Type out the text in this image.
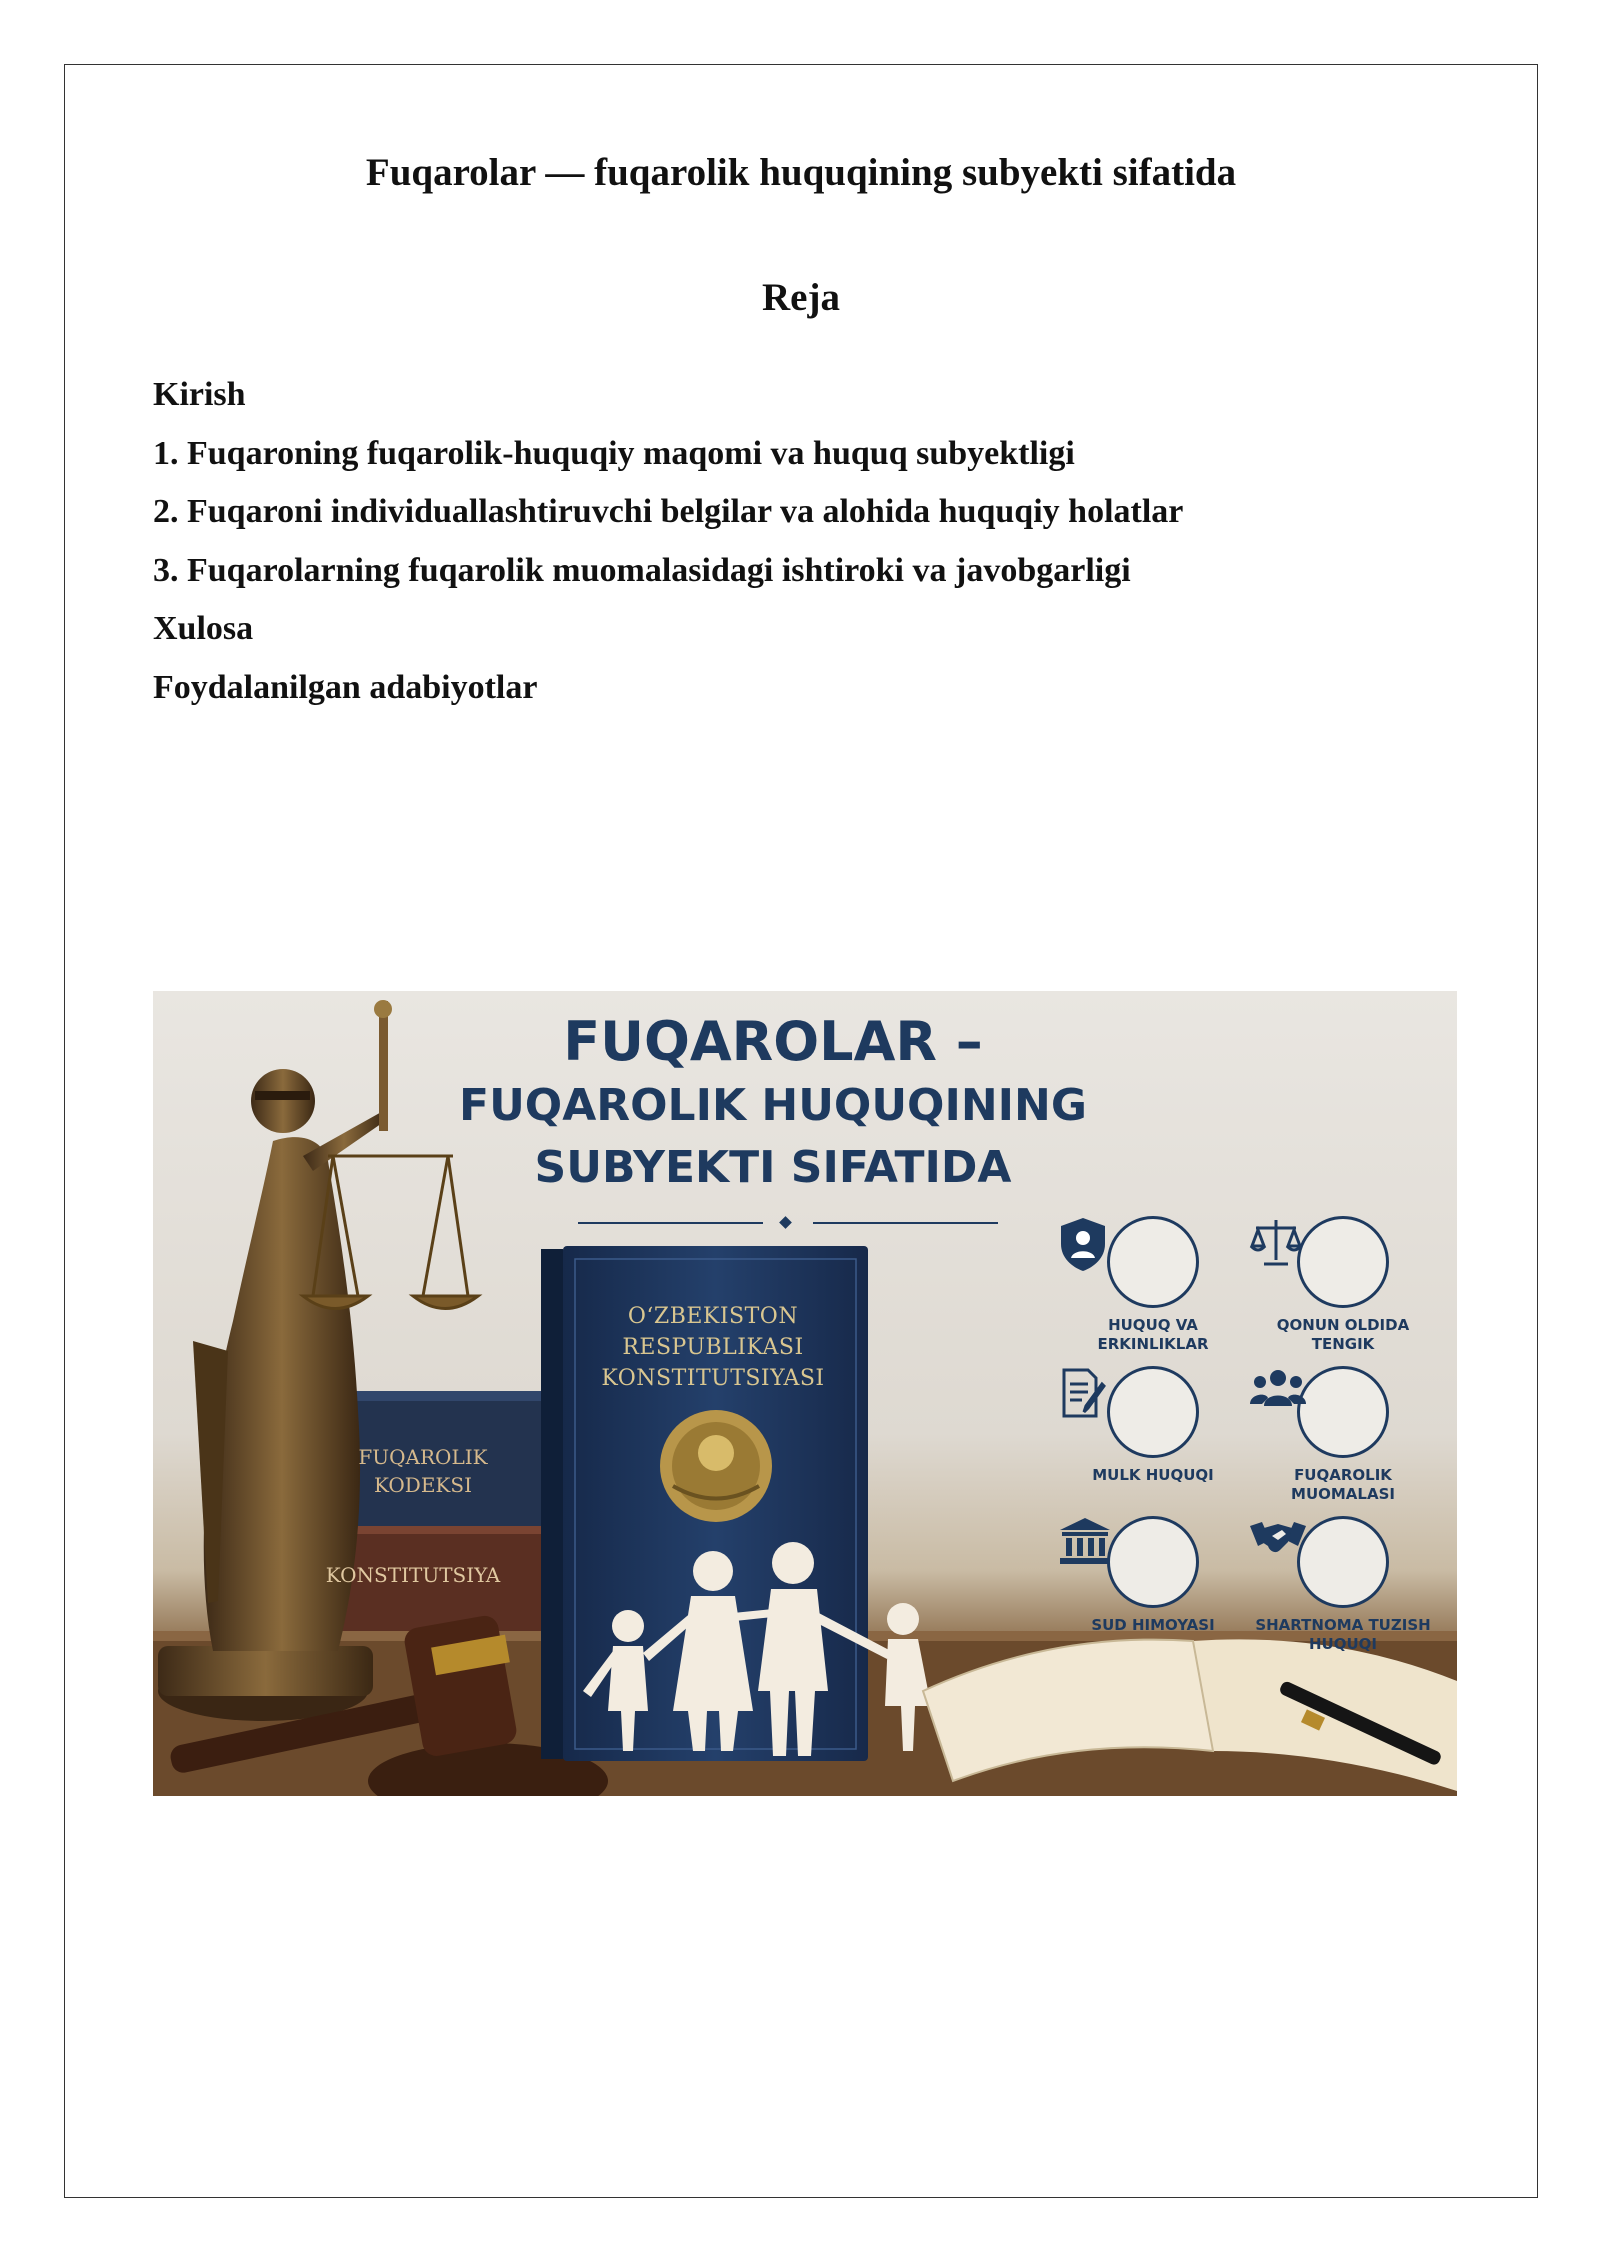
Fuqarolar — fuqarolik huquqining subyekti sifatida
Reja
Kirish
1. Fuqaroning fuqarolik-huquqiy maqomi va huquq subyektligi
2. Fuqaroni individuallashtiruvchi belgilar va alohida huquqiy holatlar
3. Fuqarolarning fuqarolik muomalasidagi ishtiroki va javobgarligi
Xulosa
Foydalanilgan adabiyotlar
FUQAROLAR –
FUQAROLIK HUQUQINING
SUBYEKTI SIFATIDA
O‘ZBEKISTON
RESPUBLIKASI
KONSTITUTSIYASI
FUQAROLIK
KODEKSI
KONSTITUTSIYA
HUQUQ VA ERKINLIKLAR
QONUN OLDIDA TENGIK
MULK HUQUQI	FUQAROLIK MUOMALASI
SUD HIMOYASI	SHARTNOMA TUZISH HUQUQI
